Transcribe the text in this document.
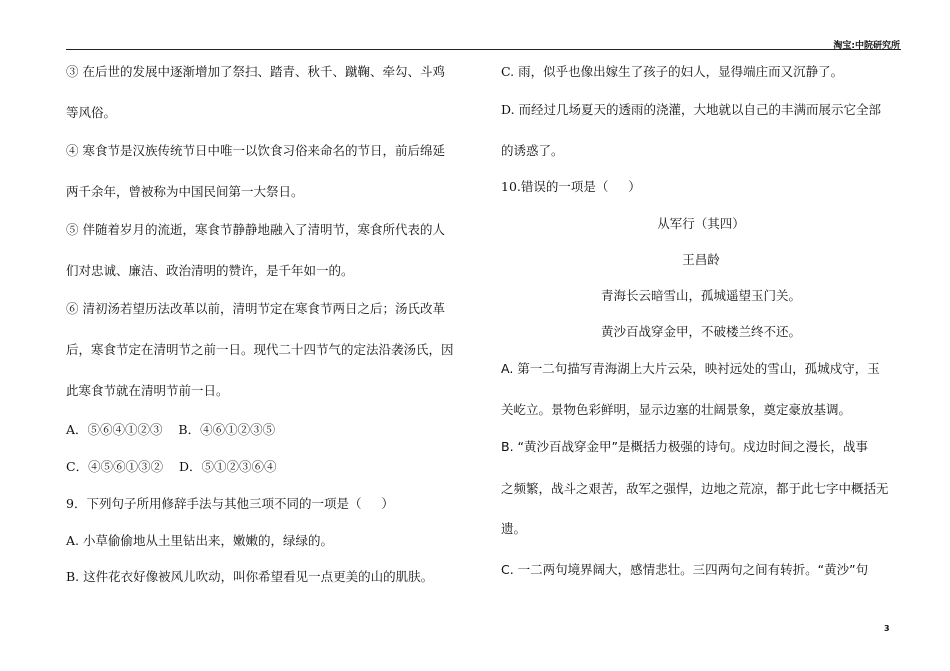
淘宝:中院研究所
③ 在后世的发展中逐渐增加了祭扫、踏青、秋千、蹴鞠、牵勾、斗鸡
等风俗。
④ 寒食节是汉族传统节日中唯一以饮食习俗来命名的节日，前后绵延
两千余年，曾被称为中国民间第一大祭日。
⑤ 伴随着岁月的流逝，寒食节静静地融入了清明节，寒食所代表的人
们对忠诚、廉洁、政治清明的赞许，是千年如一的。
⑥ 清初汤若望历法改革以前，清明节定在寒食节两日之后；汤氏改革
后，寒食节定在清明节之前一日。现代二十四节气的定法沿袭汤氏，因
此寒食节就在清明节前一日。
A．⑤⑥④①②③    B．④⑥①②③⑤
C．④⑤⑥①③②    D．⑤①②③⑥④
9．下列句子所用修辞手法与其他三项不同的一项是（     ）
A. 小草偷偷地从土里钻出来，嫩嫩的，绿绿的。
B. 这件花衣好像被风儿吹动，叫你希望看见一点更美的山的肌肤。
C. 雨，似乎也像出嫁生了孩子的妇人，显得端庄而又沉静了。
D. 而经过几场夏天的透雨的浇灌，大地就以自己的丰满而展示它全部
的诱惑了。
10.错误的一项是（     ）
从军行（其四）
王昌龄
青海长云暗雪山，孤城遥望玉门关。
黄沙百战穿金甲，不破楼兰终不还。
A. 第一二句描写青海湖上大片云朵，映衬远处的雪山，孤城戍守，玉
关屹立。景物色彩鲜明，显示边塞的壮阔景象，奠定豪放基调。
B. “黄沙百战穿金甲”是概括力极强的诗句。戍边时间之漫长，战事
之频繁，战斗之艰苦，敌军之强悍，边地之荒凉，都于此七字中概括无
遗。
C. 一二两句境界阔大，感情悲壮。三四两句之间有转折。“黄沙”句
3
